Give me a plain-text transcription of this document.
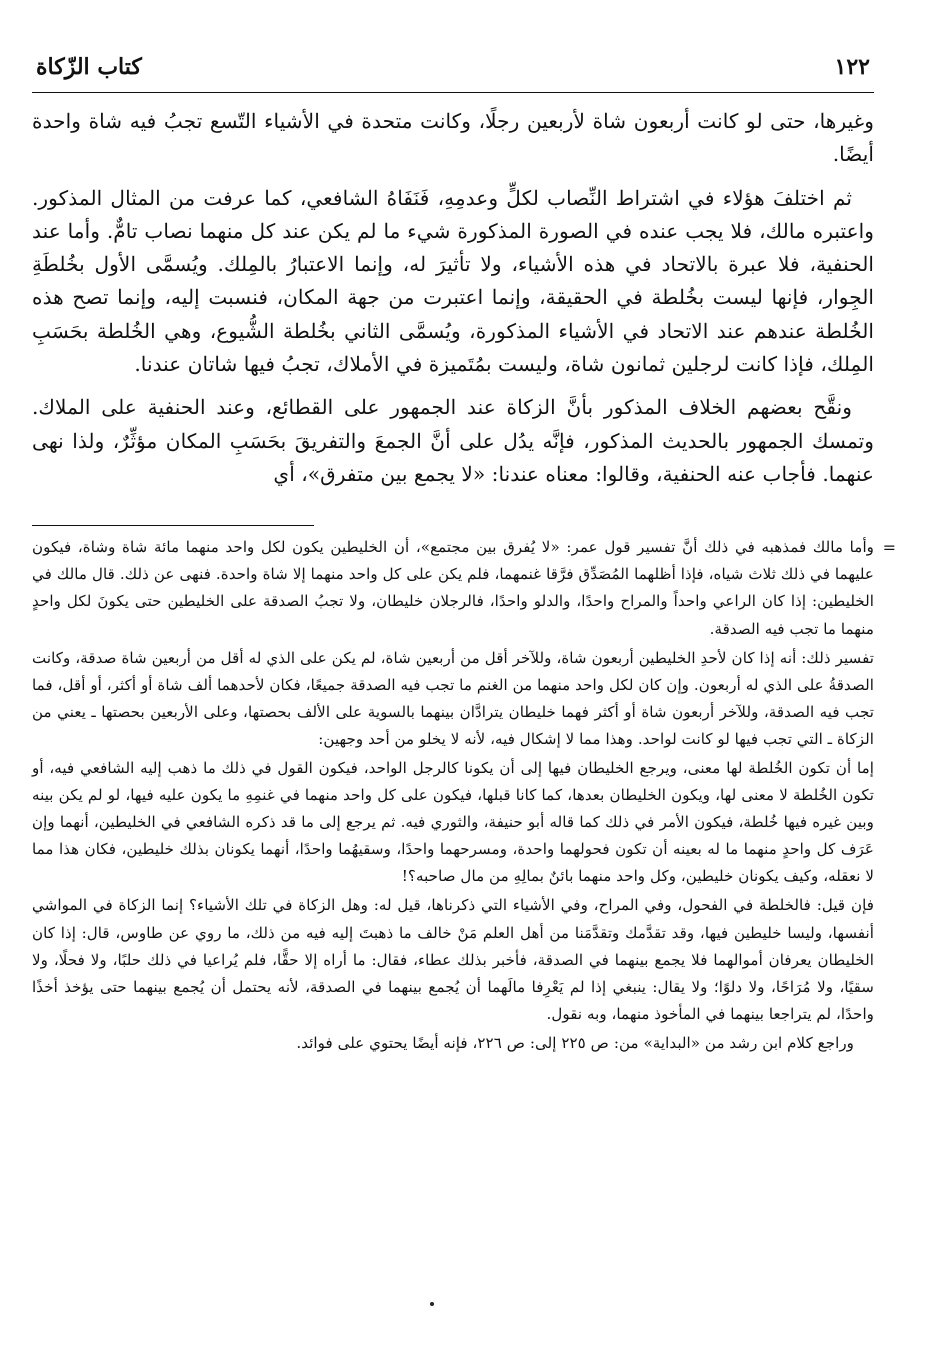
١٢٢
كتاب الزّكاة

وغيرها، حتى لو كانت أربعون شاة لأربعين رجلًا، وكانت متحدة في الأشياء التّسع تجبُ فيه شاة واحدة أيضًا.

ثم اختلفَ هؤلاء في اشتراط النِّصاب لكلٍّ وعدمِهِ، فَنَفَاهُ الشافعي، كما عرفت من المثال المذكور. واعتبره مالك، فلا يجب عنده في الصورة المذكورة شيء ما لم يكن عند كل منهما نصاب تامٌّ. وأما عند الحنفية، فلا عبرة بالاتحاد في هذه الأشياء، ولا تأثيرَ له، وإنما الاعتبارُ بالمِلك. ويُسمَّى الأول بخُلطَةِ الجِوار، فإنها ليست بخُلطة في الحقيقة، وإنما اعتبرت من جهة المكان، فنسبت إليه، وإنما تصح هذه الخُلطة عندهم عند الاتحاد في الأشياء المذكورة، ويُسمَّى الثاني بخُلطة الشُّيوع، وهي الخُلطة بحَسَبِ المِلك، فإذا كانت لرجلين ثمانون شاة، وليست بمُتَميزة في الأملاك، تجبُ فيها شاتان عندنا.

ونقَّح بعضهم الخلاف المذكور بأنَّ الزكاة عند الجمهور على القطائع، وعند الحنفية على الملاك. وتمسك الجمهور بالحديث المذكور، فإنَّه يدُل على أنَّ الجمعَ والتفريقَ بحَسَبِ المكان مؤثِّرٌ، ولذا نهى عنهما. فأجاب عنه الحنفية، وقالوا: معناه عندنا: «لا يجمع بين متفرق»، أي

=

وأما مالك فمذهبه في ذلك أنَّ تفسير قول عمر: «لا يُفرق بين مجتمع»، أن الخليطين يكون لكل واحد منهما مائة شاة وشاة، فيكون عليهما في ذلك ثلاث شياه، فإذا أظلهما المُصَدِّق فرَّقا غنمهما، فلم يكن على كل واحد منهما إلا شاة واحدة. فنهى عن ذلك. قال مالك في الخليطين: إذا كان الراعي واحداً والمراح واحدًا، والدلو واحدًا، فالرجلان خليطان، ولا تجبُ الصدقة على الخليطين حتى يكونَ لكل واحدٍ منهما ما تجب فيه الصدقة.

تفسير ذلك: أنه إذا كان لأحدِ الخليطين أربعون شاة، وللآخر أقل من أربعين شاة، لم يكن على الذي له أقل من أربعين شاة صدقة، وكانت الصدقةُ على الذي له أربعون. وإن كان لكل واحد منهما من الغنم ما تجب فيه الصدقة جميعًا، فكان لأحدهما ألف شاة أو أكثر، أو أقل، فما تجب فيه الصدقة، وللآخر أربعون شاة أو أكثر فهما خليطان يترادَّان بينهما بالسوية على الألف بحصتها، وعلى الأربعين بحصتها ـ يعني من الزكاة ـ التي تجب فيها لو كانت لواحد. وهذا مما لا إشكال فيه، لأنه لا يخلو من أحد وجهين:

إما أن تكون الخُلطة لها معنى، ويرجع الخليطان فيها إلى أن يكونا كالرجل الواحد، فيكون القول في ذلك ما ذهب إليه الشافعي فيه، أو تكون الخُلطة لا معنى لها، ويكون الخليطان بعدها، كما كانا قبلها، فيكون على كل واحد منهما في غنمِهِ ما يكون عليه فيها، لو لم يكن بينه وبين غيره فيها خُلطة، فيكون الأمر في ذلك كما قاله أبو حنيفة، والثوري فيه. ثم يرجع إلى ما قد ذكره الشافعي في الخليطين، أنهما وإن عَرَف كل واحدٍ منهما ما له بعينه أن تكون فحولهما واحدة، ومسرحهما واحدًا، وسقيهُما واحدًا، أنهما يكونان بذلك خليطين، فكان هذا مما لا نعقله، وكيف يكونان خليطين، وكل واحد منهما بائنٌ بمالِهِ من مال صاحبه؟!

فإن قيل: فالخلطة في الفحول، وفي المراح، وفي الأشياء التي ذكرناها، قيل له: وهل الزكاة في تلك الأشياء؟ إنما الزكاة في المواشي أنفسها، وليسا خليطين فيها، وقد تقدَّمك وتقدَّمَنا من أهل العلم مَنْ خالف ما ذهبتَ إليه فيه من ذلك، ما روي عن طاوس، قال: إذا كان الخليطان يعرفان أموالهما فلا يجمع بينهما في الصدقة، فأخبر بذلك عطاء، فقال: ما أراه إلا حقًّا، فلم يُراعيا في ذلك حلبًا، ولا فحلًا، ولا سقيًا، ولا مُرَاحًا، ولا دلوًا؛ ولا يقال: ينبغي إذا لم يَعْرِفا مالَهما أن يُجمع بينهما في الصدقة، لأنه يحتمل أن يُجمع بينهما حتى يؤخذ أخذًا واحدًا، لم يتراجعا بينهما في المأخوذ منهما، وبه نقول.

وراجع كلام ابن رشد من «البداية» من: ص ٢٢٥ إلى: ص ٢٢٦، فإنه أيضًا يحتوي على فوائد.
